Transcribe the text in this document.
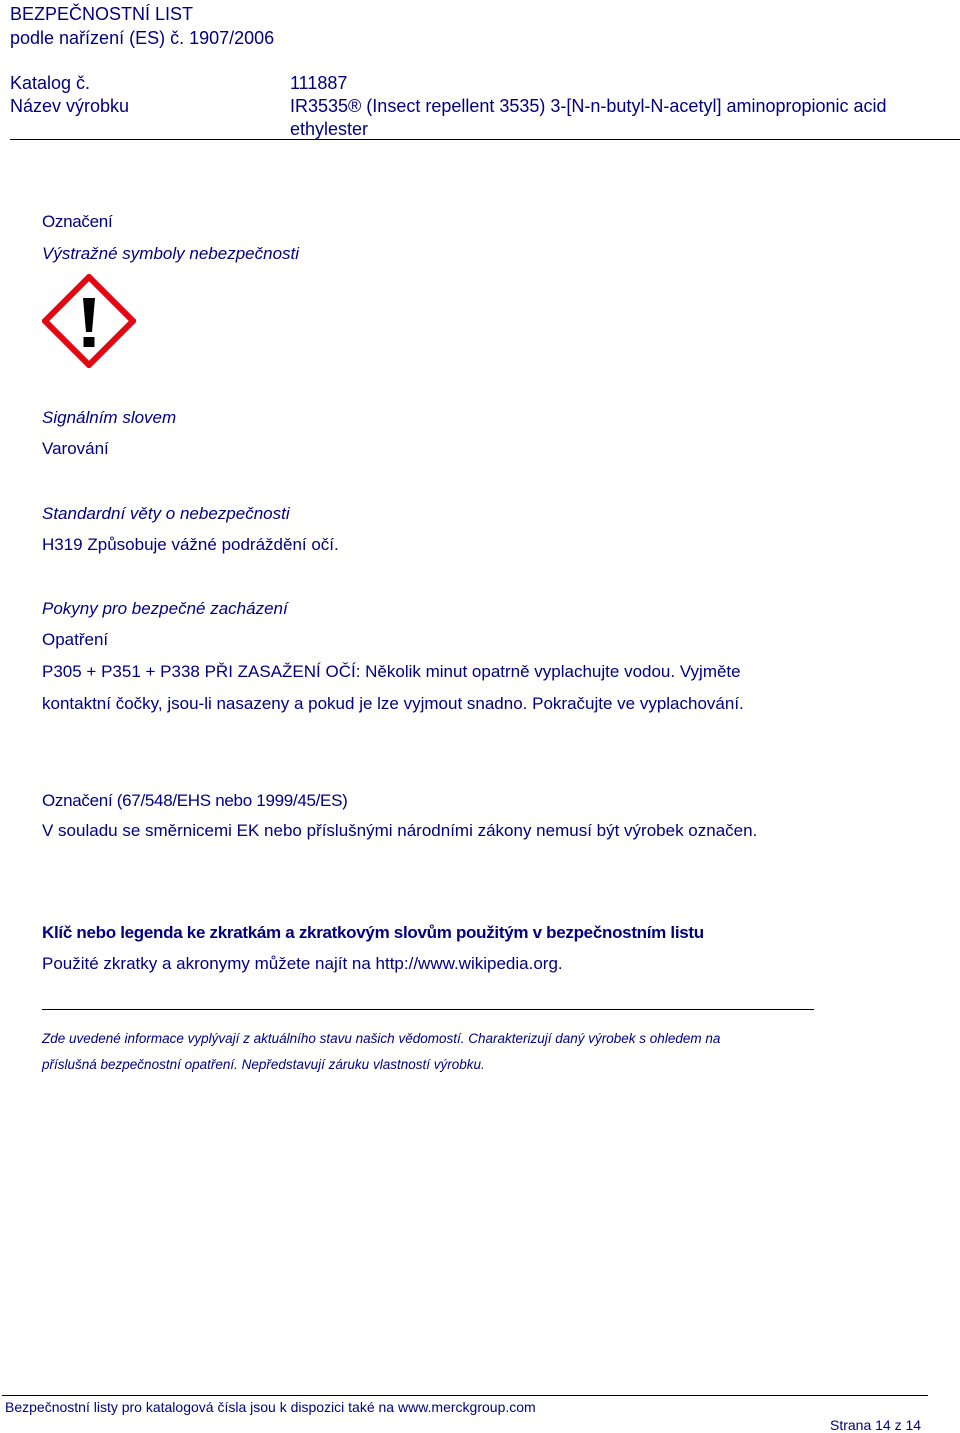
BEZPEČNOSTNÍ LIST
podle nařízení (ES) č. 1907/2006
Katalog č.	111887
Název výrobku	IR3535® (Insect repellent 3535) 3-[N-n-butyl-N-acetyl] aminopropionic acid
ethylester
Označení
Výstražné symboly nebezpečnosti
Signálním slovem
Varování
Standardní věty o nebezpečnosti
H319 Způsobuje vážné podráždění očí.
Pokyny pro bezpečné zacházení
Opatření
P305 + P351 + P338 PŘI ZASAŽENÍ OČÍ: Několik minut opatrně vyplachujte vodou. Vyjměte
kontaktní čočky, jsou-li nasazeny a pokud je lze vyjmout snadno. Pokračujte ve vyplachování.
Označení (67/548/EHS nebo 1999/45/ES)
V souladu se směrnicemi EK nebo příslušnými národními zákony nemusí být výrobek označen.
Klíč nebo legenda ke zkratkám a zkratkovým slovům použitým v bezpečnostním listu
Použité zkratky a akronymy můžete najít na http://www.wikipedia.org.
Zde uvedené informace vyplývají z aktuálního stavu našich vědomostí. Charakterizují daný výrobek s ohledem na
příslušná bezpečnostní opatření. Nepředstavují záruku vlastností výrobku.
Bezpečnostní listy pro katalogová čísla jsou k dispozici také na www.merckgroup.com
Strana 14 z 14
